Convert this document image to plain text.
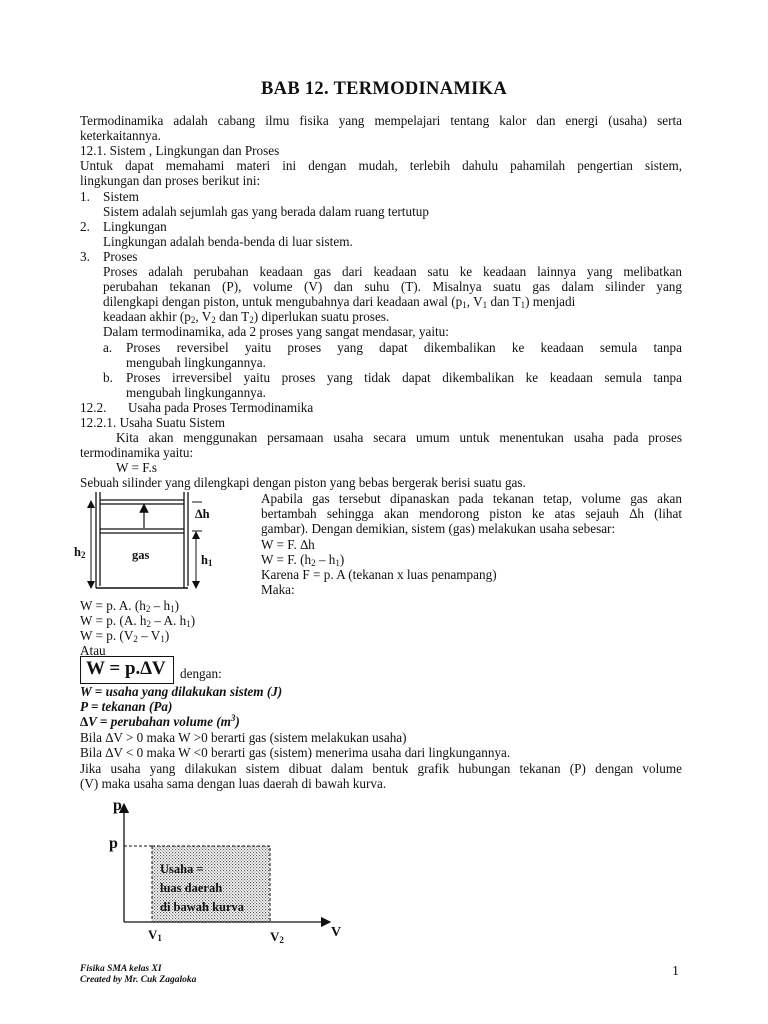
BAB 12. TERMODINAMIKA
Termodinamika adalah cabang ilmu fisika yang mempelajari tentang kalor dan energi (usaha) serta
keterkaitannya.
12.1. Sistem , Lingkungan dan Proses
Untuk dapat memahami materi ini dengan mudah, terlebih dahulu pahamilah pengertian sistem,
lingkungan dan proses berikut ini:
1. Sistem
Sistem adalah sejumlah gas yang berada dalam ruang tertutup
2. Lingkungan
Lingkungan adalah benda-benda di luar sistem.
3. Proses
Proses adalah perubahan keadaan gas dari keadaan satu ke keadaan lainnya yang melibatkan
perubahan tekanan (P), volume (V) dan suhu (T). Misalnya suatu gas dalam silinder yang
dilengkapi dengan piston, untuk mengubahnya dari keadaan awal ($p_1$, $V_1$ dan $T_1$) menjadi
keadaan akhir ($p_2$, $V_2$ dan $T_2$) diperlukan suatu proses.
Dalam termodinamika, ada 2 proses yang sangat mendasar, yaitu:
a. Proses reversibel yaitu proses yang dapat dikembalikan ke keadaan semula tanpa
mengubah lingkungannya.
b. Proses irreversibel yaitu proses yang tidak dapat dikembalikan ke keadaan semula tanpa
mengubah lingkungannya.
12.2. Usaha pada Proses Termodinamika
12.2.1. Usaha Suatu Sistem
Kita akan menggunakan persamaan usaha secara umum untuk menentukan usaha pada proses
termodinamika yaitu:
W = F.s
Sebuah silinder yang dilengkapi dengan piston yang bebas bergerak berisi suatu gas.
∆h
gas
$h_2$	$h_1$
Apabila gas tersebut dipanaskan pada tekanan tetap, volume gas akan
bertambah sehingga akan mendorong piston ke atas sejauh ∆h (lihat
gambar). Dengan demikian, sistem (gas) melakukan usaha sebesar:
W = F. ∆h
W = F. $(h_2 - h_1)$
Karena F = p. A (tekanan x luas penampang)
Maka:
W = p. A. $(h_2 - h_1)$
W = p. (A. $h_2$ – A. $h_1$)
W = p. $(V_2 - V_1)$
Atau
W = p.∆V dengan:
W = usaha yang dilakukan sistem (J)
P = tekanan (Pa)
∆V = perubahan volume $(m^3)$
Bila ∆V > 0 maka W >0 berarti gas (sistem melakukan usaha)
Bila ∆V < 0 maka W <0 berarti gas (sistem) menerima usaha dari lingkungannya.
Jika usaha yang dilakukan sistem dibuat dalam bentuk grafik hubungan tekanan (P) dengan volume
(V) maka usaha sama dengan luas daerah di bawah kurva.
p
p
V
$V_1$	$V_2$
Usaha =
luas daerah
di bawah kurva
Fisika SMA kelas XI
Created by Mr. Cuk Zagaloka
1
